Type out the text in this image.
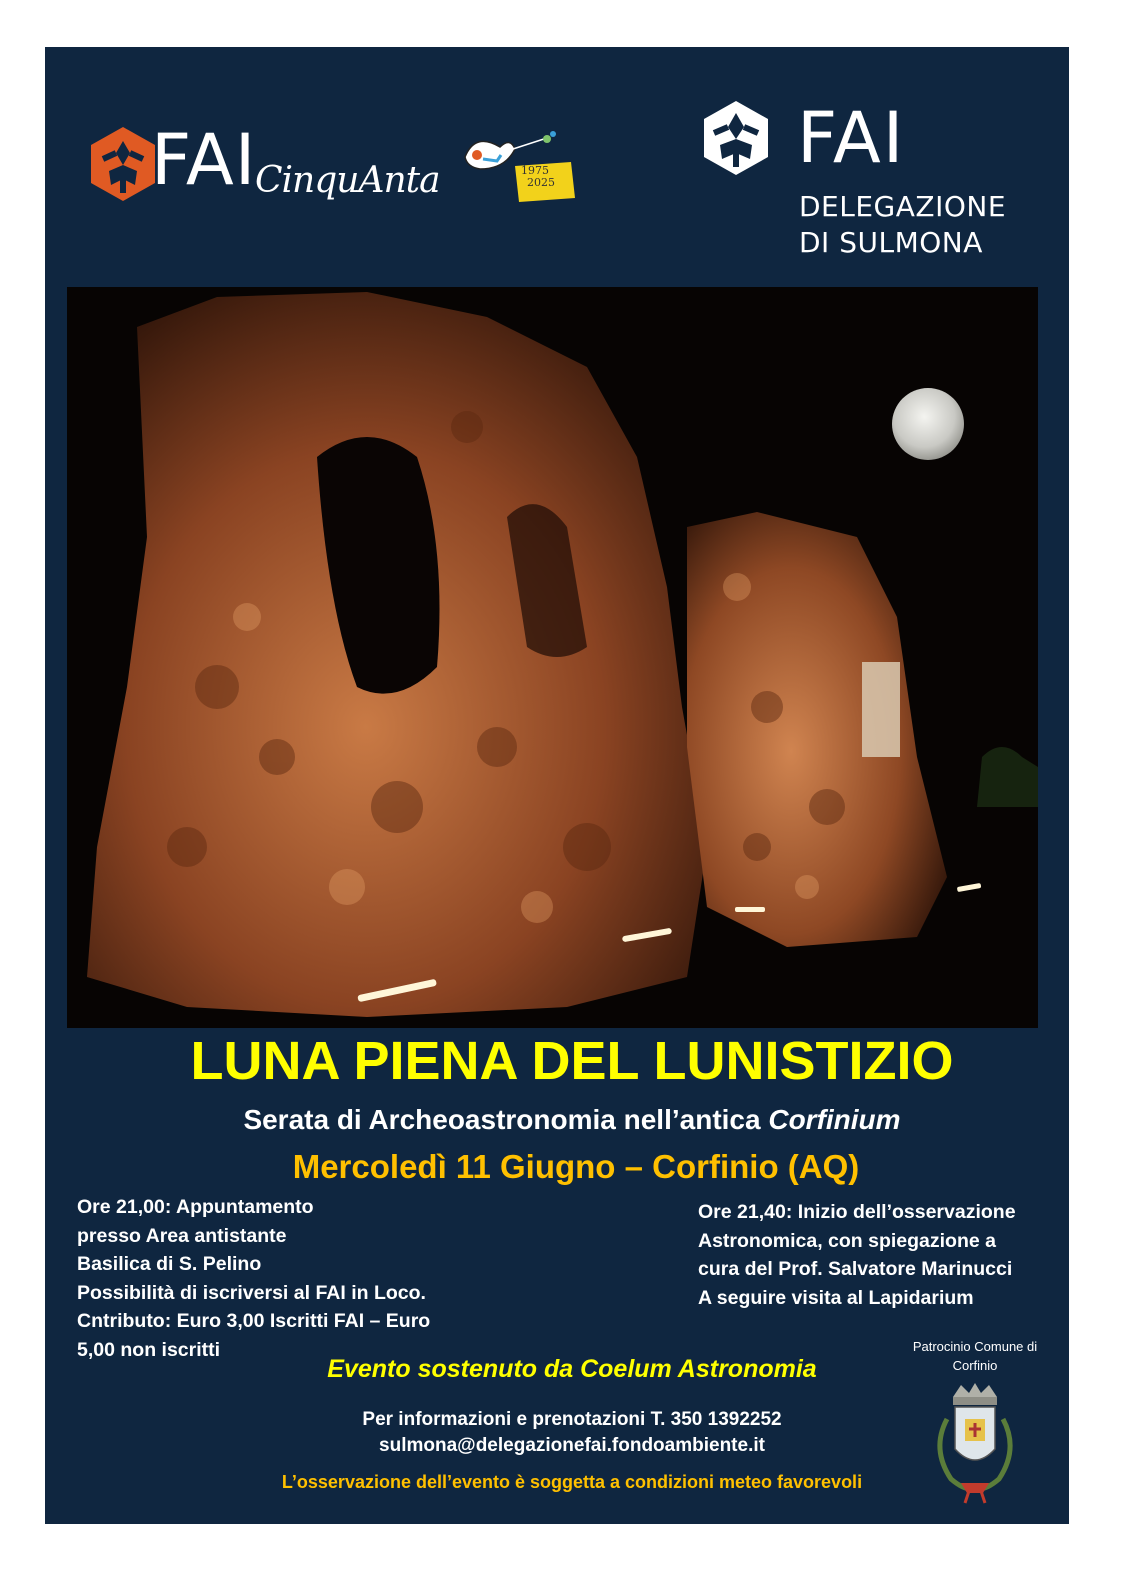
FAI
CinquAnta	1975
2025
FAI
DELEGAZIONE
DI SULMONA
LUNA PIENA DEL LUNISTIZIO
Serata di Archeoastronomia nell’antica Corfinium
Mercoledì 11 Giugno – Corfinio (AQ)
Ore 21,00: Appuntamento
presso Area antistante
Basilica di S. Pelino
Possibilità di iscriversi al FAI in Loco.
Cntributo: Euro 3,00 Iscritti FAI – Euro
5,00 non iscritti
Ore 21,40: Inizio dell’osservazione
Astronomica, con spiegazione a
cura del Prof. Salvatore Marinucci
A seguire visita al Lapidarium
Evento sostenuto da Coelum Astronomia
Per informazioni e prenotazioni T. 350 1392252
sulmona@delegazionefai.fondoambiente.it
L’osservazione dell’evento è soggetta a condizioni meteo favorevoli
Patrocinio Comune di
Corfinio
